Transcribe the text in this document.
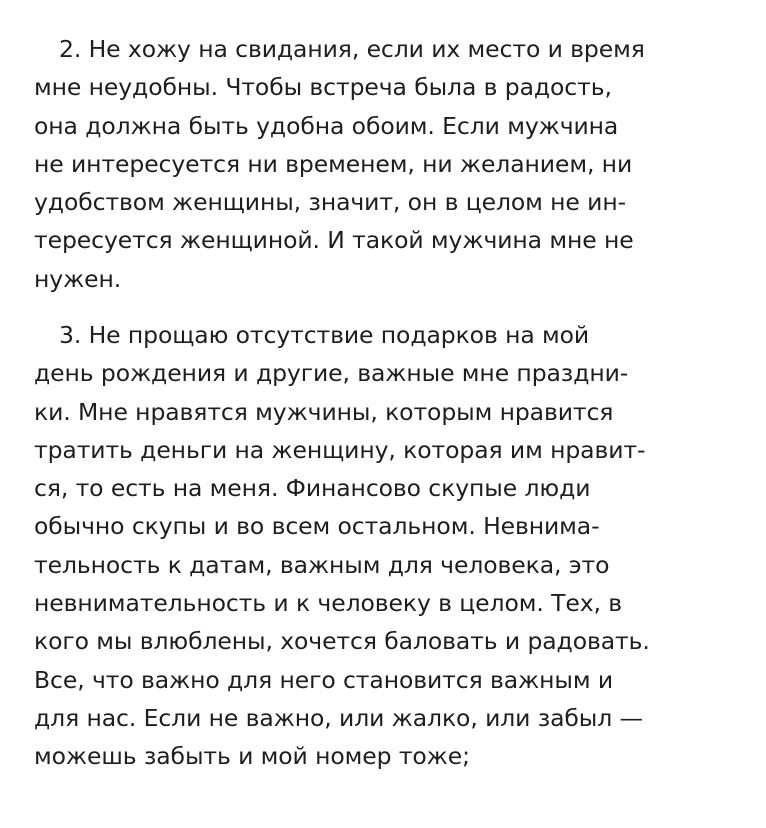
2. Не хожу на свидания, если их место и время
мне неудобны. Чтобы встреча была в радость,
она должна быть удобна обоим. Если мужчина
не интересуется ни временем, ни желанием, ни
удобством женщины, значит, он в целом не ин-
тересуется женщиной. И такой мужчина мне не
нужен.

3. Не прощаю отсутствие подарков на мой
день рождения и другие, важные мне праздни-
ки. Мне нравятся мужчины, которым нравится
тратить деньги на женщину, которая им нравит-
ся, то есть на меня. Финансово скупые люди
обычно скупы и во всем остальном. Невнима-
тельность к датам, важным для человека, это
невнимательность и к человеку в целом. Тех, в
кого мы влюблены, хочется баловать и радовать.
Все, что важно для него становится важным и
для нас. Если не важно, или жалко, или забыл —
можешь забыть и мой номер тоже;
